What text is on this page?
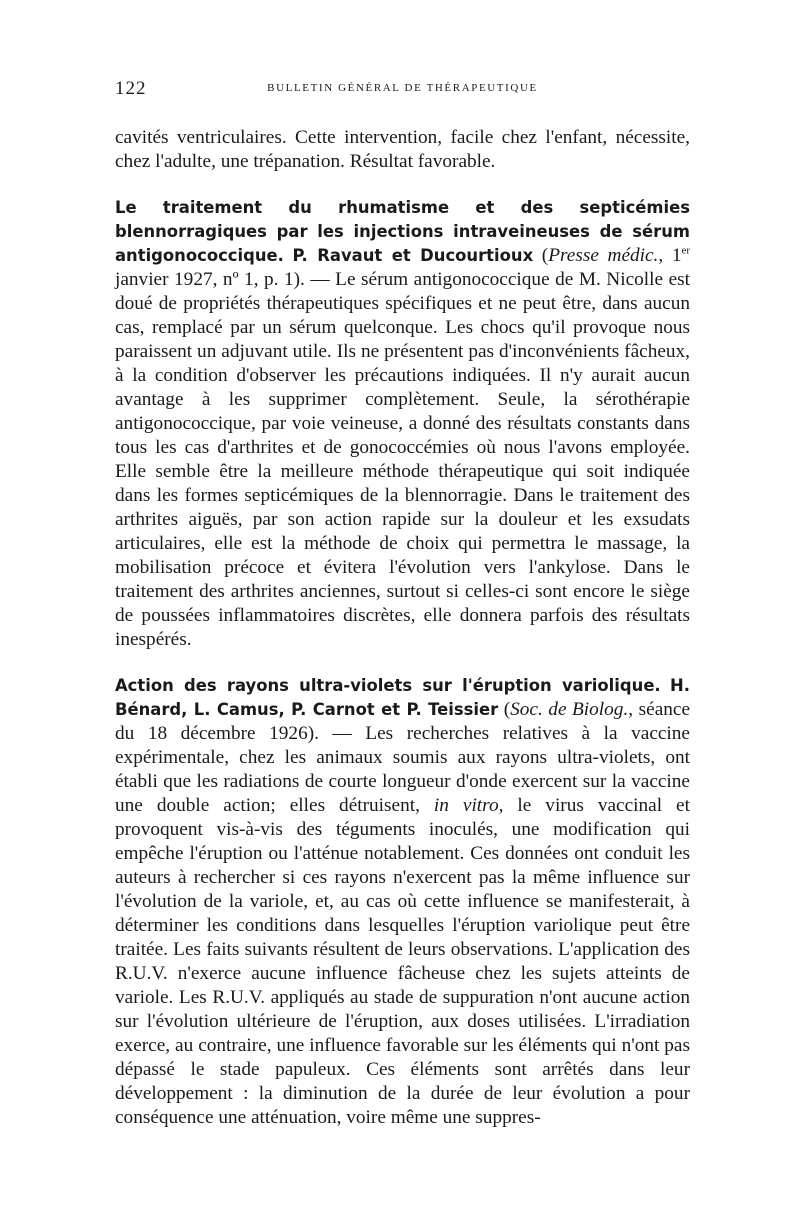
122	BULLETIN GÉNÉRAL DE THÉRAPEUTIQUE

cavités ventriculaires. Cette intervention, facile chez l'enfant, nécessite, chez l'adulte, une trépanation. Résultat favorable.

Le traitement du rhumatisme et des septicémies blennorragiques par les injections intraveineuses de sérum antigonococcique. P. Ravaut et Ducourtioux (Presse médic., 1er janvier 1927, nº 1, p. 1). — Le sérum antigonococcique de M. Nicolle est doué de propriétés thérapeutiques spécifiques et ne peut être, dans aucun cas, remplacé par un sérum quelconque. Les chocs qu'il provoque nous paraissent un adjuvant utile. Ils ne présentent pas d'inconvénients fâcheux, à la condition d'observer les précautions indiquées. Il n'y aurait aucun avantage à les supprimer complètement. Seule, la sérothérapie antigonococcique, par voie veineuse, a donné des résultats constants dans tous les cas d'arthrites et de gonococcémies où nous l'avons employée. Elle semble être la meilleure méthode thérapeutique qui soit indiquée dans les formes septicémiques de la blennorragie. Dans le traitement des arthrites aiguës, par son action rapide sur la douleur et les exsudats articulaires, elle est la méthode de choix qui permettra le massage, la mobilisation précoce et évitera l'évolution vers l'ankylose. Dans le traitement des arthrites anciennes, surtout si celles-ci sont encore le siège de poussées inflammatoires discrètes, elle donnera parfois des résultats inespérés.

Action des rayons ultra-violets sur l'éruption variolique. H. Bénard, L. Camus, P. Carnot et P. Teissier (Soc. de Biolog., séance du 18 décembre 1926). — Les recherches relatives à la vaccine expérimentale, chez les animaux soumis aux rayons ultra-violets, ont établi que les radiations de courte longueur d'onde exercent sur la vaccine une double action; elles détruisent, in vitro, le virus vaccinal et provoquent vis-à-vis des téguments inoculés, une modification qui empêche l'éruption ou l'atténue notablement. Ces données ont conduit les auteurs à rechercher si ces rayons n'exercent pas la même influence sur l'évolution de la variole, et, au cas où cette influence se manifesterait, à déterminer les conditions dans lesquelles l'éruption variolique peut être traitée. Les faits suivants résultent de leurs observations. L'application des R.U.V. n'exerce aucune influence fâcheuse chez les sujets atteints de variole. Les R.U.V. appliqués au stade de suppuration n'ont aucune action sur l'évolution ultérieure de l'éruption, aux doses utilisées. L'irradiation exerce, au contraire, une influence favorable sur les éléments qui n'ont pas dépassé le stade papuleux. Ces éléments sont arrêtés dans leur développement : la diminution de la durée de leur évolution a pour conséquence une atténuation, voire même une suppres-
